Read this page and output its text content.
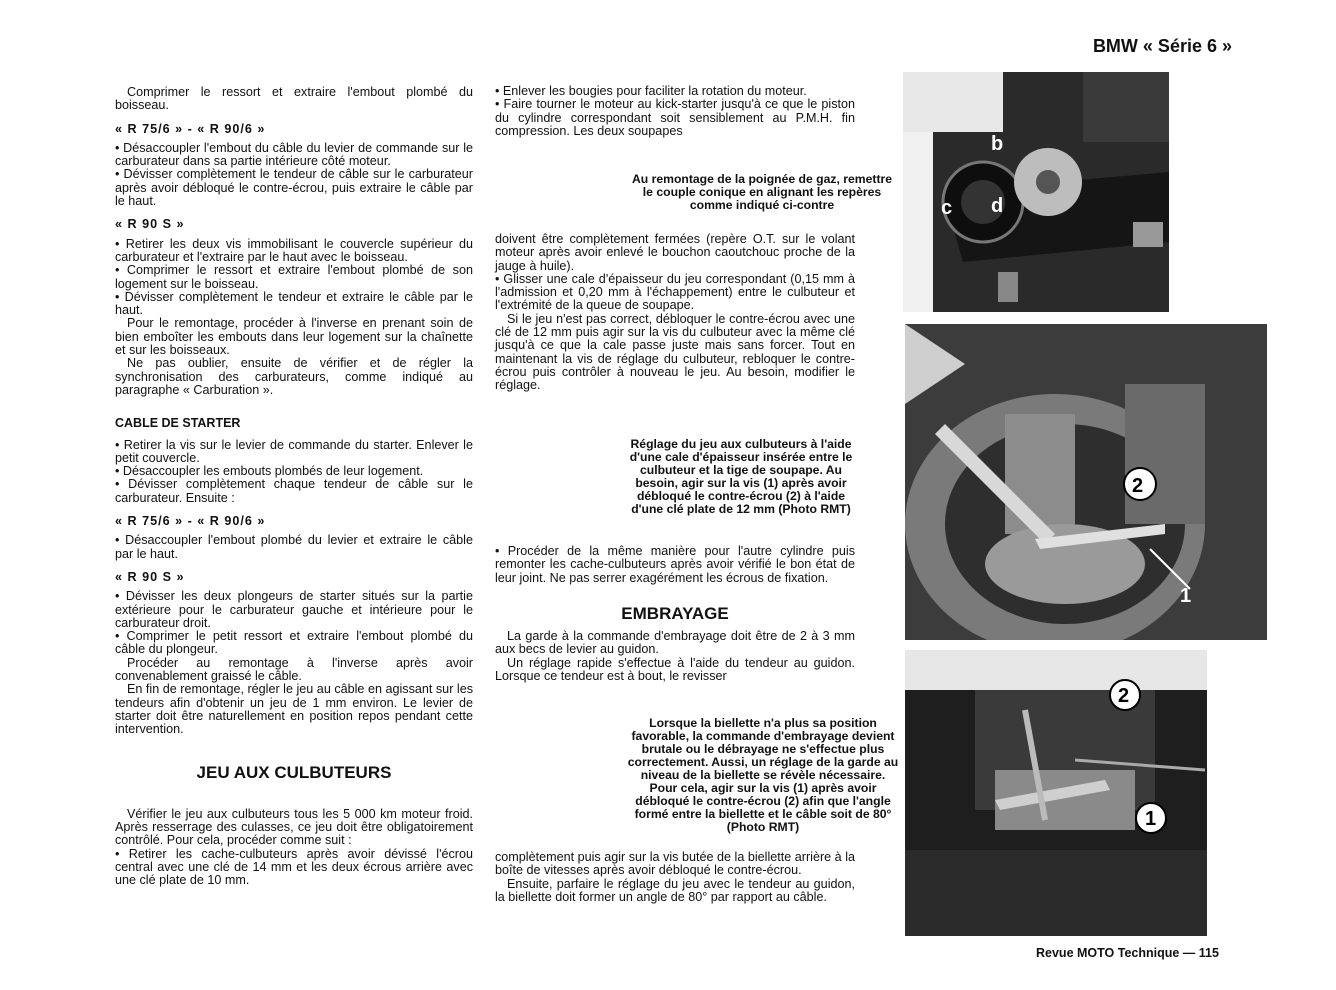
BMW « Série 6 »

Comprimer le ressort et extraire l'embout plombé du boisseau.

« R 75/6 » - « R 90/6 »

• Désaccoupler l'embout du câble du levier de commande sur le carburateur dans sa partie intérieure côté moteur.

• Dévisser complètement le tendeur de câble sur le carburateur après avoir débloqué le contre-écrou, puis extraire le câble par le haut.

« R 90 S »

• Retirer les deux vis immobilisant le couvercle supérieur du carburateur et l'extraire par le haut avec le boisseau.

• Comprimer le ressort et extraire l'embout plombé de son logement sur le boisseau.

• Dévisser complètement le tendeur et extraire le câble par le haut.

Pour le remontage, procéder à l'inverse en prenant soin de bien emboîter les embouts dans leur logement sur la chaînette et sur les boisseaux.

Ne pas oublier, ensuite de vérifier et de régler la synchronisation des carburateurs, comme indiqué au paragraphe « Carburation ».

CABLE DE STARTER

• Retirer la vis sur le levier de commande du starter. Enlever le petit couvercle.

• Désaccoupler les embouts plombés de leur logement.

• Dévisser complètement chaque tendeur de câble sur le carburateur. Ensuite :

« R 75/6 » - « R 90/6 »

• Désaccoupler l'embout plombé du levier et extraire le câble par le haut.

« R 90 S »

• Dévisser les deux plongeurs de starter situés sur la partie extérieure pour le carburateur gauche et intérieure pour le carburateur droit.

• Comprimer le petit ressort et extraire l'embout plombé du câble du plongeur.

Procéder au remontage à l'inverse après avoir convenablement graissé le câble.

En fin de remontage, régler le jeu au câble en agissant sur les tendeurs afin d'obtenir un jeu de 1 mm environ. Le levier de starter doit être naturellement en position repos pendant cette intervention.

JEU AUX CULBUTEURS

Vérifier le jeu aux culbuteurs tous les 5 000 km moteur froid. Après resserrage des culasses, ce jeu doit être obligatoirement contrôlé. Pour cela, procéder comme suit :

• Retirer les cache-culbuteurs après avoir dévissé l'écrou central avec une clé de 14 mm et les deux écrous arrière avec une clé plate de 10 mm.

• Enlever les bougies pour faciliter la rotation du moteur.

• Faire tourner le moteur au kick-starter jusqu'à ce que le piston du cylindre correspondant soit sensiblement au P.M.H. fin compression. Les deux soupapes

Au remontage de la poignée de gaz, remettre le couple conique en alignant les repères comme indiqué ci-contre

doivent être complètement fermées (repère O.T. sur le volant moteur après avoir enlevé le bouchon caoutchouc proche de la jauge à huile).

• Glisser une cale d'épaisseur du jeu correspondant (0,15 mm à l'admission et 0,20 mm à l'échappement) entre le culbuteur et l'extrémité de la queue de soupape.

Si le jeu n'est pas correct, débloquer le contre-écrou avec une clé de 12 mm puis agir sur la vis du culbuteur avec la même clé jusqu'à ce que la cale passe juste mais sans forcer. Tout en maintenant la vis de réglage du culbuteur, rebloquer le contre-écrou puis contrôler à nouveau le jeu. Au besoin, modifier le réglage.

Réglage du jeu aux culbuteurs à l'aide d'une cale d'épaisseur insérée entre le culbuteur et la tige de soupape. Au besoin, agir sur la vis (1) après avoir débloqué le contre-écrou (2) à l'aide d'une clé plate de 12 mm (Photo RMT)

• Procéder de la même manière pour l'autre cylindre puis remonter les cache-culbuteurs après avoir vérifié le bon état de leur joint. Ne pas serrer exagérément les écrous de fixation.

EMBRAYAGE

La garde à la commande d'embrayage doit être de 2 à 3 mm aux becs de levier au guidon.

Un réglage rapide s'effectue à l'aide du tendeur au guidon. Lorsque ce tendeur est à bout, le revisser

Lorsque la biellette n'a plus sa position favorable, la commande d'embrayage devient brutale ou le débrayage ne s'effectue plus correctement. Aussi, un réglage de la garde au niveau de la biellette se révèle nécessaire. Pour cela, agir sur la vis (1) après avoir débloqué le contre-écrou (2) afin que l'angle formé entre la biellette et le câble soit de 80° (Photo RMT)

complètement puis agir sur la vis butée de la biellette arrière à la boîte de vitesses après avoir débloqué le contre-écrou.

Ensuite, parfaire le réglage du jeu avec le tendeur au guidon, la biellette doit former un angle de 80° par rapport au câble.

b
c d
2
1
2
1
Revue MOTO Technique — 115
